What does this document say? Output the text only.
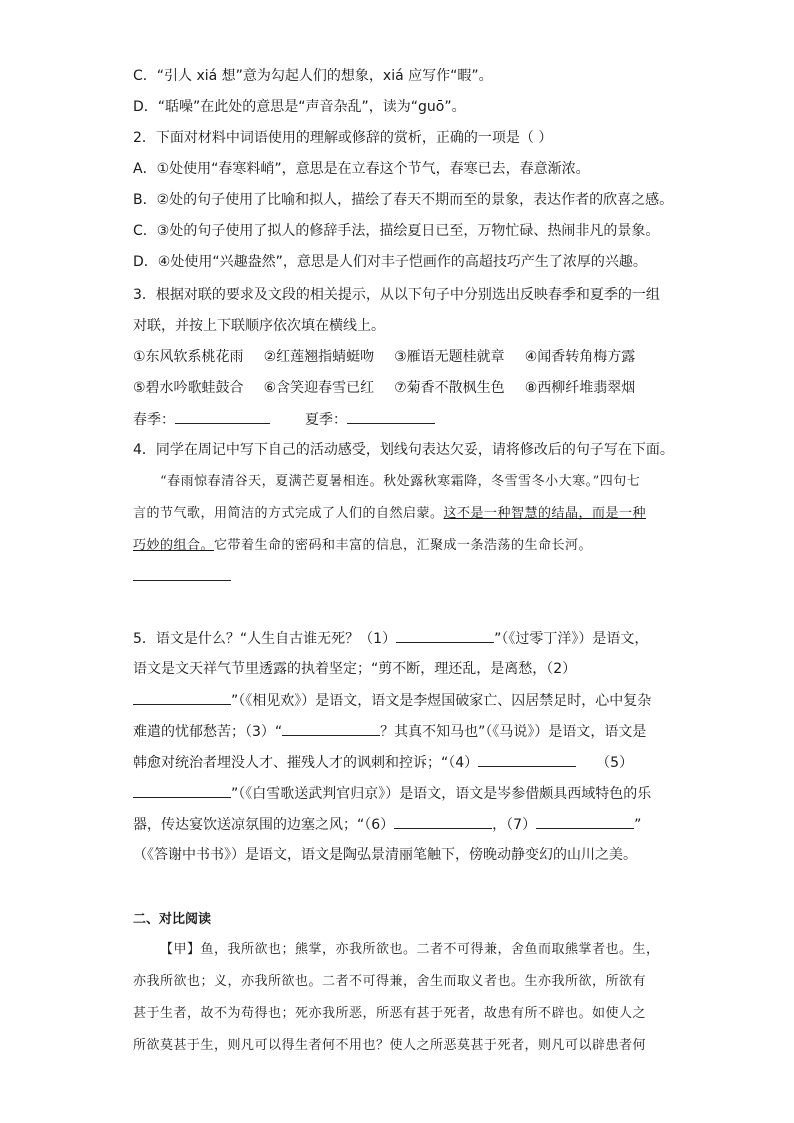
C．“引人 xiá 想”意为勾起人们的想象，xiá 应写作“暇”。
D．“聒噪”在此处的意思是“声音杂乱”，读为“guō”。
2．下面对材料中词语使用的理解或修辞的赏析，正确的一项是（ ）
A．①处使用“春寒料峭”，意思是在立春这个节气，春寒已去，春意渐浓。
B．②处的句子使用了比喻和拟人，描绘了春天不期而至的景象，表达作者的欣喜之感。
C．③处的句子使用了拟人的修辞手法，描绘夏日已至，万物忙碌、热闹非凡的景象。
D．④处使用“兴趣盎然”，意思是人们对丰子恺画作的高超技巧产生了浓厚的兴趣。
3．根据对联的要求及文段的相关提示，从以下句子中分别选出反映春季和夏季的一组
对联，并按上下联顺序依次填在横线上。
①东风软系桃花雨 ②红莲翘指蜻蜓吻 ③雁语无题桂就章 ④闻香转角梅方露
⑤碧水吟歌蛙鼓合 ⑥含笑迎春雪已红 ⑦菊香不散枫生色 ⑧西柳纤堆翡翠烟
春季：	夏季：
4．同学在周记中写下自己的活动感受，划线句表达欠妥，请将修改后的句子写在下面。
“春雨惊春清谷天，夏满芒夏暑相连。秋处露秋寒霜降，冬雪雪冬小大寒。”四句七
言的节气歌，用简洁的方式完成了人们的自然启蒙。这不是一种智慧的结晶，而是一种
巧妙的组合。它带着生命的密码和丰富的信息，汇聚成一条浩荡的生命长河。
5．语文是什么？“人生自古谁无死？（1）	”（《过零丁洋》）是语文，
语文是文天祥气节里透露的执着坚定；“剪不断，理还乱，是离愁，（2）
”（《相见欢》）是语文，语文是李煜国破家亡、囚居禁足时，心中复杂
难遣的忧郁愁苦；（3）“	？其真不知马也”（《马说》）是语文，语文是
韩愈对统治者埋没人才、摧残人才的讽刺和控诉；“（4）	（5）
”（《白雪歌送武判官归京》）是语文，语文是岑参借颇具西域特色的乐
器，传达宴饮送凉氛围的边塞之风；“（6）	，（7）	”
（《答谢中书书》）是语文，语文是陶弘景清丽笔触下，傍晚动静变幻的山川之美。
二、对比阅读
【甲】鱼，我所欲也；熊掌，亦我所欲也。二者不可得兼，舍鱼而取熊掌者也。生，
亦我所欲也；义，亦我所欲也。二者不可得兼，舍生而取义者也。生亦我所欲，所欲有
甚于生者，故不为苟得也；死亦我所恶，所恶有甚于死者，故患有所不辟也。如使人之
所欲莫甚于生，则凡可以得生者何不用也？使人之所恶莫甚于死者，则凡可以辟患者何
